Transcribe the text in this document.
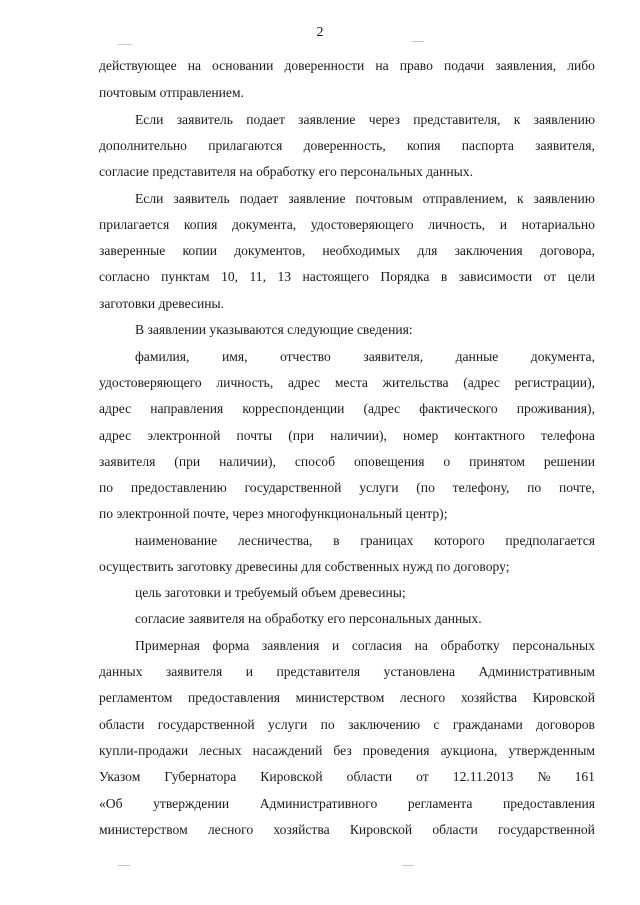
2
действующее на основании доверенности на право подачи заявления, либо
почтовым отправлением.
Если заявитель подает заявление через представителя, к заявлению
дополнительно прилагаются доверенность, копия паспорта заявителя,
согласие представителя на обработку его персональных данных.
Если заявитель подает заявление почтовым отправлением, к заявлению
прилагается копия документа, удостоверяющего личность, и нотариально
заверенные копии документов, необходимых для заключения договора,
согласно пунктам 10, 11, 13 настоящего Порядка в зависимости от цели
заготовки древесины.
В заявлении указываются следующие сведения:
фамилия, имя, отчество заявителя, данные документа,
удостоверяющего личность, адрес места жительства (адрес регистрации),
адрес направления корреспонденции (адрес фактического проживания),
адрес электронной почты (при наличии), номер контактного телефона
заявителя (при наличии), способ оповещения о принятом решении
по предоставлению государственной услуги (по телефону, по почте,
по электронной почте, через многофункциональный центр);
наименование лесничества, в границах которого предполагается
осуществить заготовку древесины для собственных нужд по договору;
цель заготовки и требуемый объем древесины;
согласие заявителя на обработку его персональных данных.
Примерная форма заявления и согласия на обработку персональных
данных заявителя и представителя установлена Административным
регламентом предоставления министерством лесного хозяйства Кировской
области государственной услуги по заключению с гражданами договоров
купли-продажи лесных насаждений без проведения аукциона, утвержденным
Указом Губернатора Кировской области от 12.11.2013 № 161
«Об утверждении Административного регламента предоставления
министерством лесного хозяйства Кировской области государственной
